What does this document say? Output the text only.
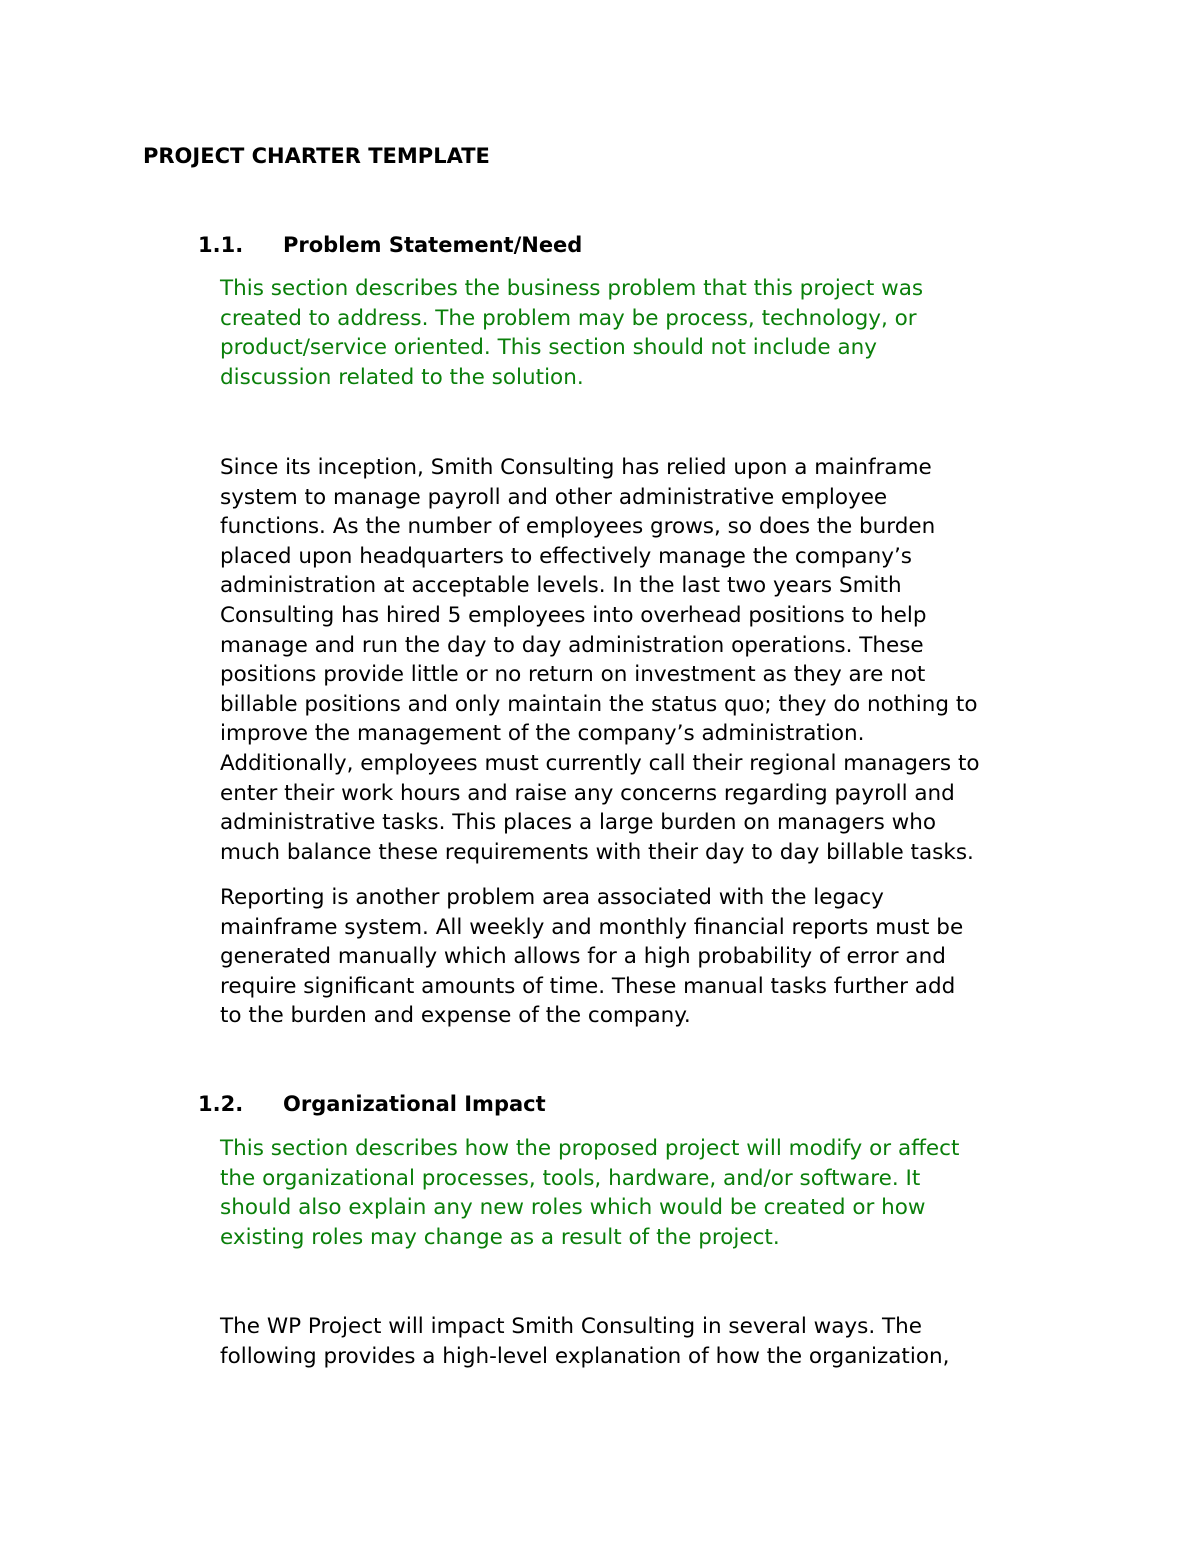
PROJECT CHARTER TEMPLATE
1.1. Problem Statement/Need

This section describes the business problem that this project was
created to address. The problem may be process, technology, or
product/service oriented. This section should not include any
discussion related to the solution.

Since its inception, Smith Consulting has relied upon a mainframe
system to manage payroll and other administrative employee
functions. As the number of employees grows, so does the burden
placed upon headquarters to effectively manage the company’s
administration at acceptable levels. In the last two years Smith
Consulting has hired 5 employees into overhead positions to help
manage and run the day to day administration operations. These
positions provide little or no return on investment as they are not
billable positions and only maintain the status quo; they do nothing to
improve the management of the company’s administration.
Additionally, employees must currently call their regional managers to
enter their work hours and raise any concerns regarding payroll and
administrative tasks. This places a large burden on managers who
much balance these requirements with their day to day billable tasks.

Reporting is another problem area associated with the legacy
mainframe system. All weekly and monthly financial reports must be
generated manually which allows for a high probability of error and
require significant amounts of time. These manual tasks further add
to the burden and expense of the company.

1.2. Organizational Impact

This section describes how the proposed project will modify or affect
the organizational processes, tools, hardware, and/or software. It
should also explain any new roles which would be created or how
existing roles may change as a result of the project.

The WP Project will impact Smith Consulting in several ways. The
following provides a high-level explanation of how the organization,
